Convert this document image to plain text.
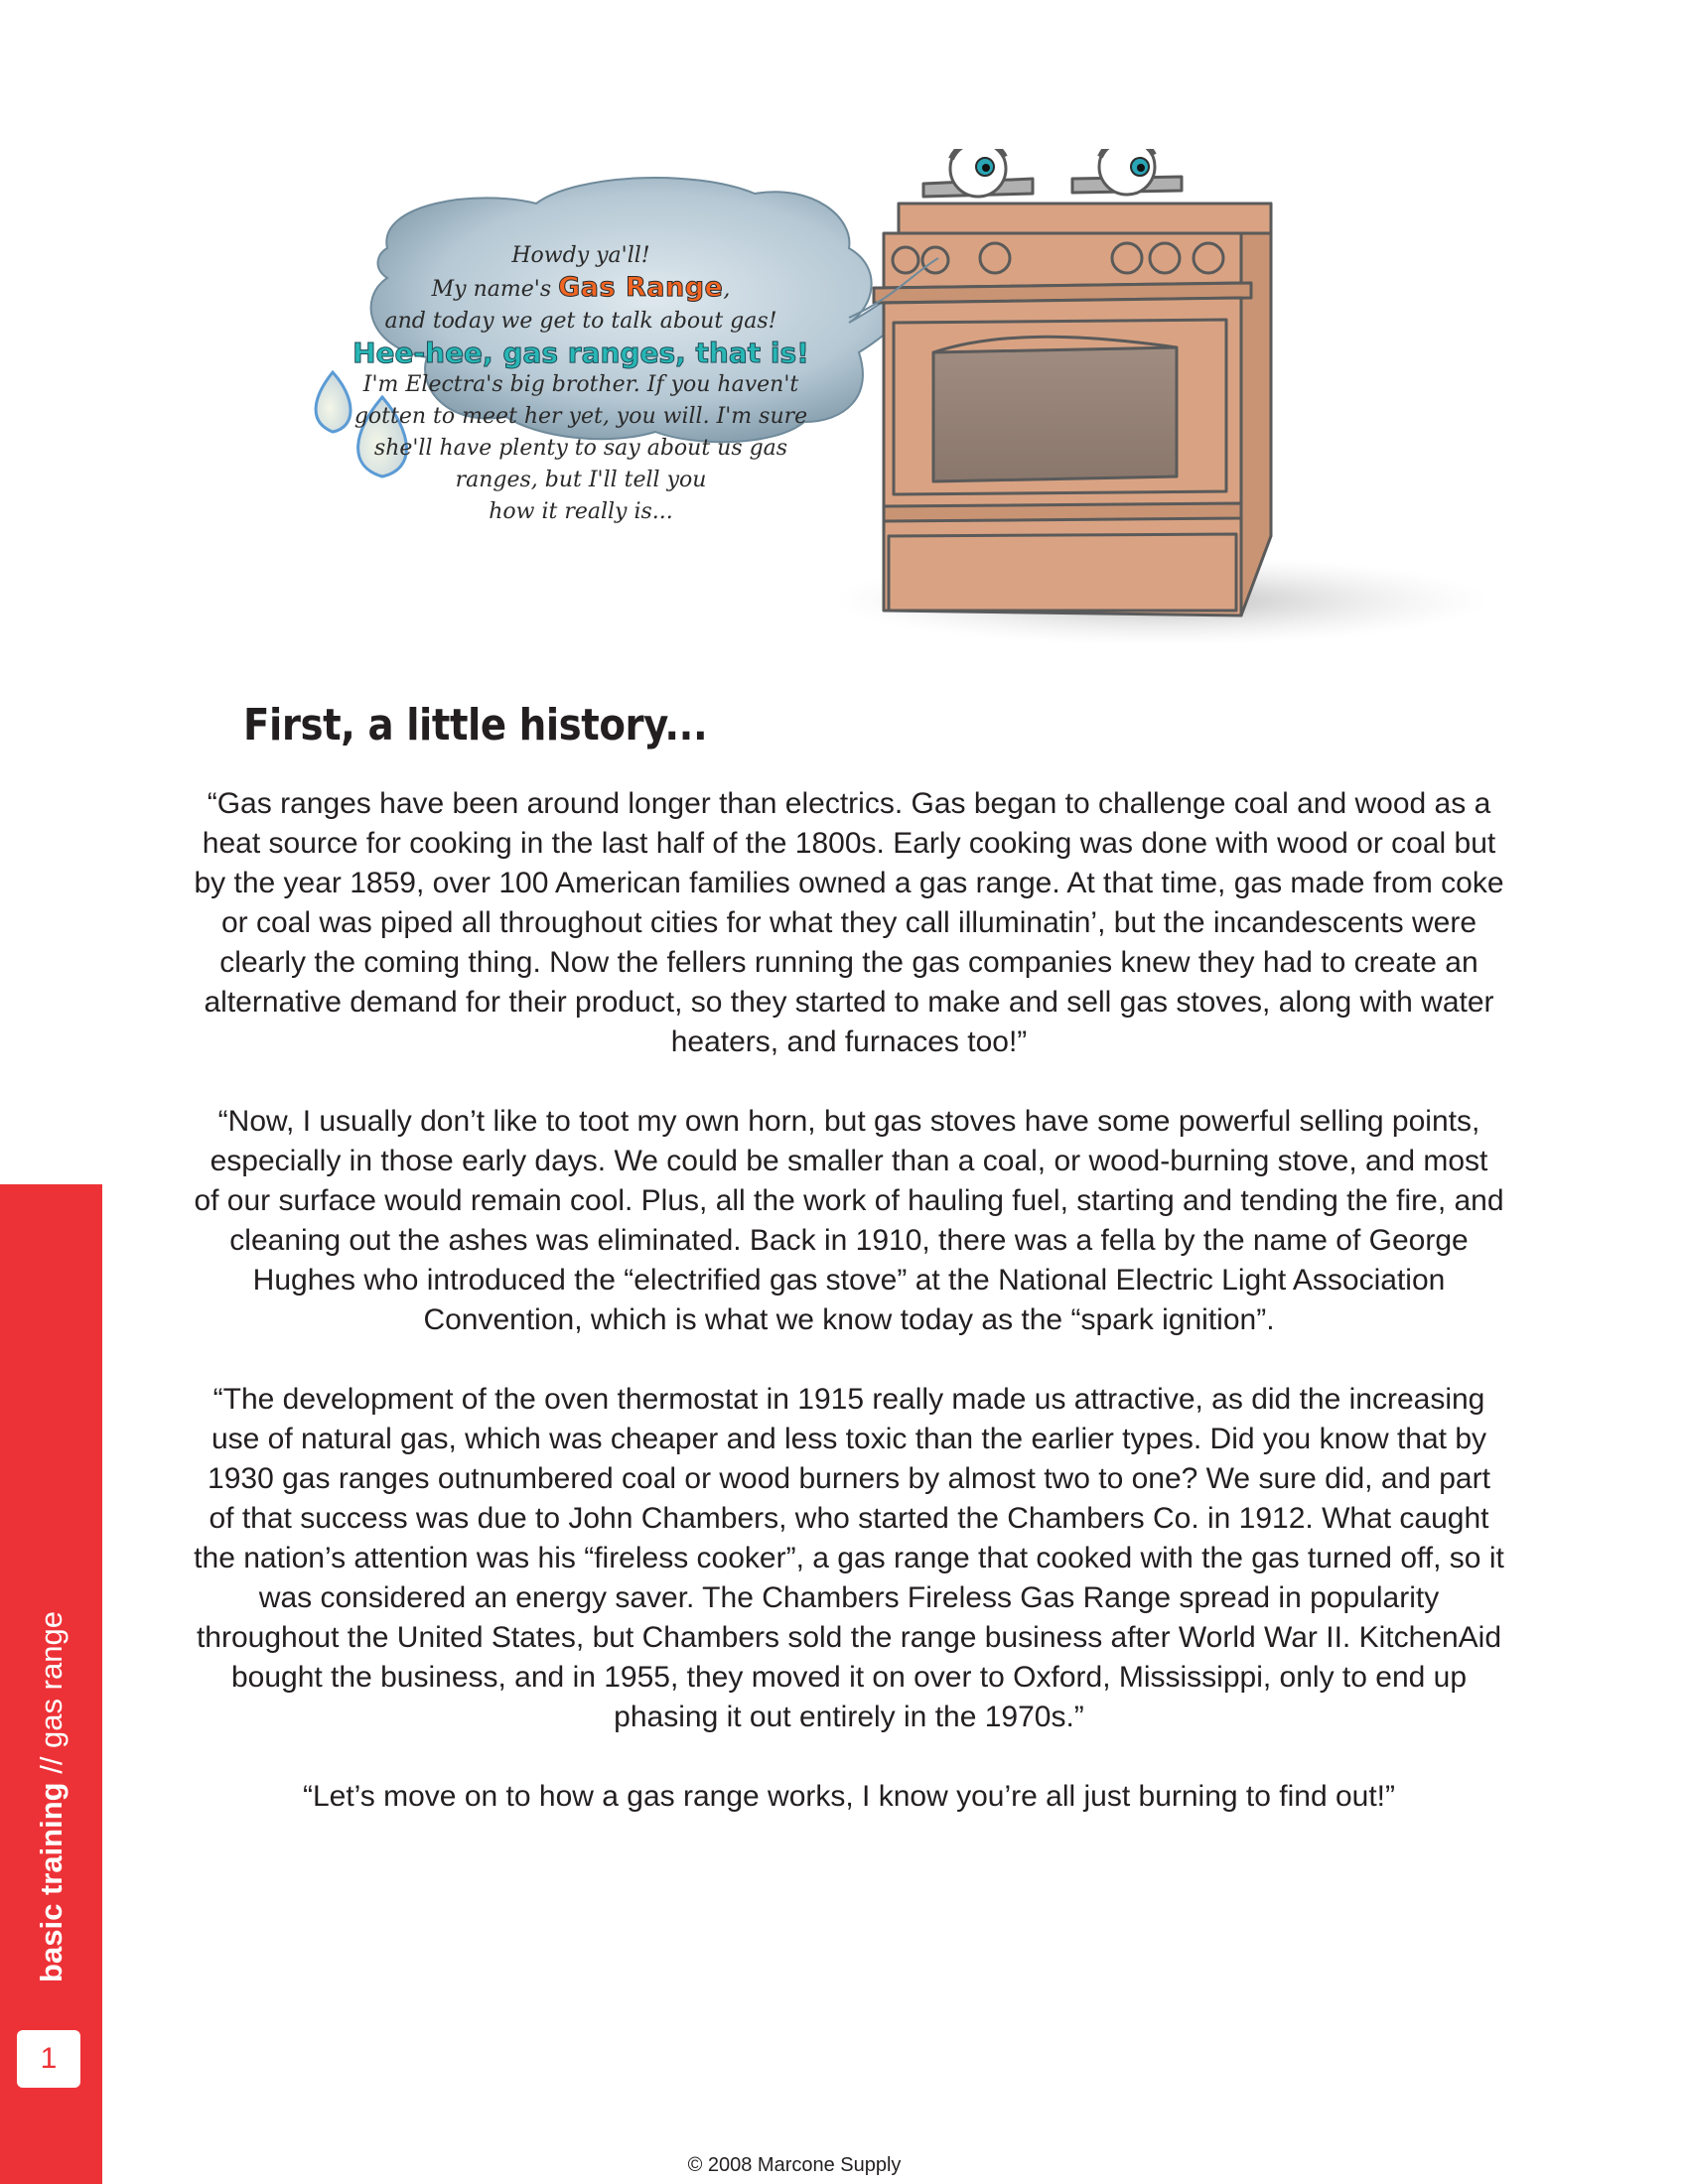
Howdy ya'll!
My name's Gas Range,
and today we get to talk about gas!
Hee-hee, gas ranges, that is!
I'm Electra's big brother. If you haven't
gotten to meet her yet, you will. I'm sure
she'll have plenty to say about us gas
ranges, but I'll tell you
how it really is...
First, a little history...

“Gas ranges have been around longer than electrics. Gas began to challenge coal and wood as a heat source for cooking in the last half of the 1800s. Early cooking was done with wood or coal but by the year 1859, over 100 American families owned a gas range. At that time, gas made from coke or coal was piped all throughout cities for what they call illuminatin’, but the incandescents were clearly the coming thing. Now the fellers running the gas companies knew they had to create an alternative demand for their product, so they started to make and sell gas stoves, along with water heaters, and furnaces too!”

“Now, I usually don’t like to toot my own horn, but gas stoves have some powerful selling points, especially in those early days. We could be smaller than a coal, or wood-burning stove, and most of our surface would remain cool. Plus, all the work of hauling fuel, starting and tending the fire, and cleaning out the ashes was eliminated. Back in 1910, there was a fella by the name of George Hughes who introduced the “electrified gas stove” at the National Electric Light Association Convention, which is what we know today as the “spark ignition”.

“The development of the oven thermostat in 1915 really made us attractive, as did the increasing use of natural gas, which was cheaper and less toxic than the earlier types. Did you know that by 1930 gas ranges outnumbered coal or wood burners by almost two to one? We sure did, and part of that success was due to John Chambers, who started the Chambers Co. in 1912. What caught the nation’s attention was his “fireless cooker”, a gas range that cooked with the gas turned off, so it was considered an energy saver. The Chambers Fireless Gas Range spread in popularity throughout the United States, but Chambers sold the range business after World War II. KitchenAid bought the business, and in 1955, they moved it on over to Oxford, Mississippi, only to end up phasing it out entirely in the 1970s.”

“Let’s move on to how a gas range works, I know you’re all just burning to find out!”

basic training // gas range
1
© 2008 Marcone Supply
